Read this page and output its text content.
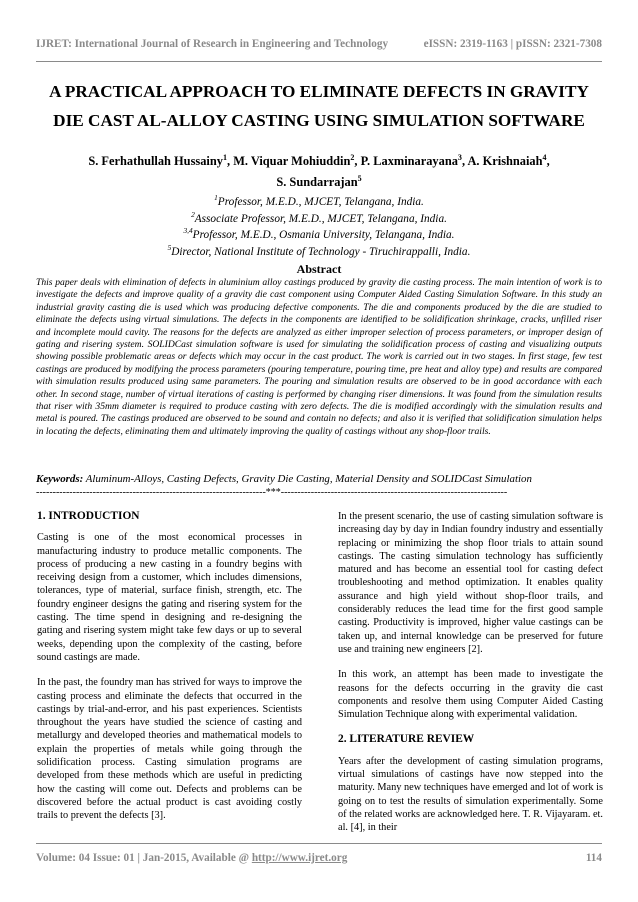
IJRET: International Journal of Research in Engineering and Technology	eISSN: 2319-1163 | pISSN: 2321-7308
A PRACTICAL APPROACH TO ELIMINATE DEFECTS IN GRAVITY
DIE CAST AL-ALLOY CASTING USING SIMULATION SOFTWARE
S. Ferhathullah Hussainy$^1$, M. Viquar Mohiuddin$^2$, P. Laxminarayana$^3$, A. Krishnaiah$^4$,
S. Sundarrajan$^5$
$^1$Professor, M.E.D., MJCET, Telangana, India.
$^2$Associate Professor, M.E.D., MJCET, Telangana, India.
$^{3,4}$Professor, M.E.D., Osmania University, Telangana, India.
$^5$Director, National Institute of Technology - Tiruchirappalli, India.
Abstract
This paper deals with elimination of defects in aluminium alloy castings produced by gravity die casting process. The main intention of work is to investigate the defects and improve quality of a gravity die cast component using Computer Aided Casting Simulation Software. In this study an industrial gravity casting die is used which was producing defective components. The die and components produced by the die are studied to eliminate the defects using virtual simulations. The defects in the components are identified to be solidification shrinkage, cracks, unfilled riser and incomplete mould cavity. The reasons for the defects are analyzed as either improper selection of process parameters, or improper design of gating and risering system. SOLIDCast simulation software is used for simulating the solidification process of casting and visualizing outputs showing possible problematic areas or defects which may occur in the cast product. The work is carried out in two stages. In first stage, few test castings are produced by modifying the process parameters (pouring temperature, pouring time, pre heat and alloy type) and results are compared with simulation results produced using same parameters. The pouring and simulation results are observed to be in good accordance with each other. In second stage, number of virtual iterations of casting is performed by changing riser dimensions. It was found from the simulation results that riser with 35mm diameter is required to produce casting with zero defects. The die is modified accordingly with the simulation results and metal is poured. The castings produced are observed to be sound and contain no defects; and also it is verified that solidification simulation helps in locating the defects, eliminating them and ultimately improving the quality of castings without any shop-floor trails.
Keywords: Aluminum-Alloys, Casting Defects, Gravity Die Casting, Material Density and SOLIDCast Simulation
---------------------------------------------------------------------***--------------------------------------------------------------------
1. INTRODUCTION

Casting is one of the most economical processes in manufacturing industry to produce metallic components. The process of producing a new casting in a foundry begins with receiving design from a customer, which includes dimensions, tolerances, type of material, surface finish, strength, etc. The foundry engineer designs the gating and risering system for the casting. The time spend in designing and re-designing the gating and risering system might take few days or up to several weeks, depending upon the complexity of the casting, before sound castings are made.

In the past, the foundry man has strived for ways to improve the casting process and eliminate the defects that occurred in the castings by trial-and-error, and his past experiences. Scientists throughout the years have studied the science of casting and metallurgy and developed theories and mathematical models to explain the properties of metals while going through the solidification process. Casting simulation programs are developed from these methods which are useful in predicting how the casting will come out. Defects and problems can be discovered before the actual product is cast avoiding costly trails to prevent the defects [3].

In the present scenario, the use of casting simulation software is increasing day by day in Indian foundry industry and essentially replacing or minimizing the shop floor trials to attain sound castings. The casting simulation technology has sufficiently matured and has become an essential tool for casting defect troubleshooting and method optimization. It enables quality assurance and high yield without shop-floor trails, and considerably reduces the lead time for the first good sample casting. Productivity is improved, higher value castings can be taken up, and internal knowledge can be preserved for future use and training new engineers [2].

In this work, an attempt has been made to investigate the reasons for the defects occurring in the gravity die cast components and resolve them using Computer Aided Casting Simulation Technique along with experimental validation.

2. LITERATURE REVIEW

Years after the development of casting simulation programs, virtual simulations of castings have now stepped into the maturity. Many new techniques have emerged and lot of work is going on to test the results of simulation experimentally. Some of the related works are acknowledged here. T. R. Vijayaram. et. al. [4], in their

Volume: 04 Issue: 01 | Jan-2015, Available @ http://www.ijret.org	114
